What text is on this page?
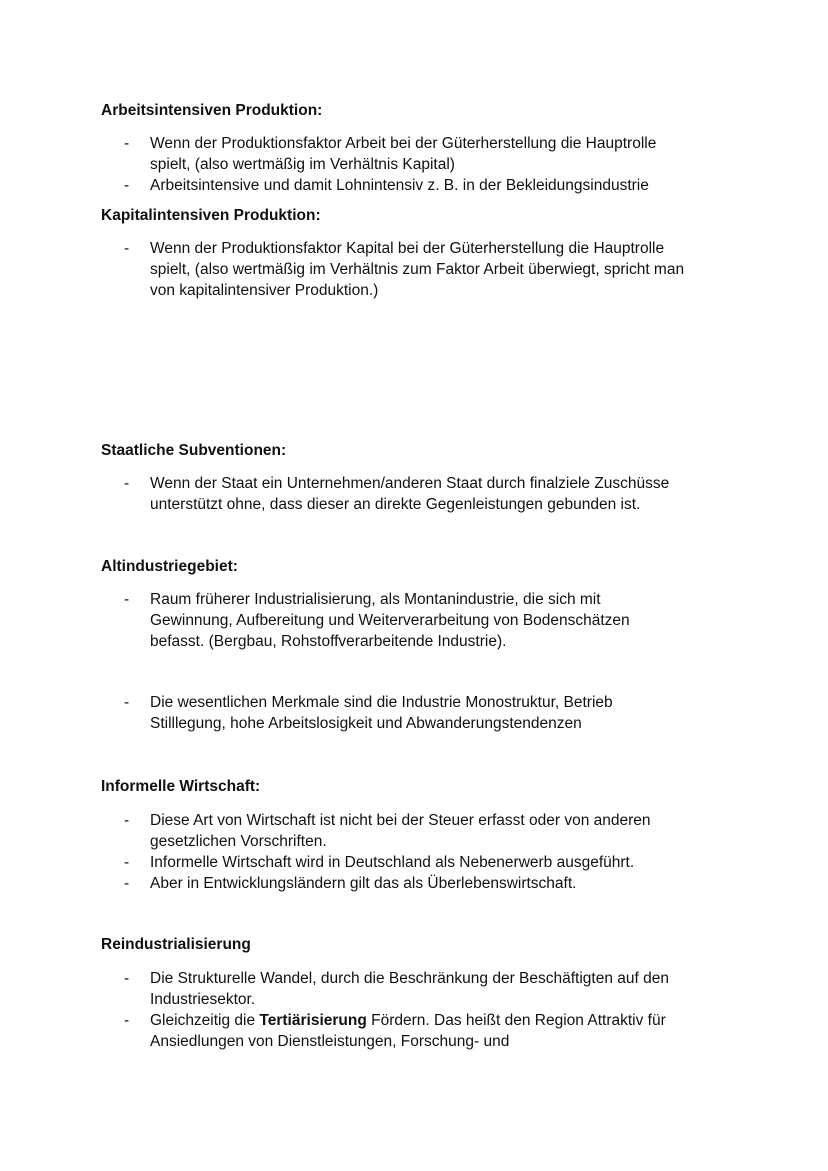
Arbeitsintensiven Produktion:
- Wenn der Produktionsfaktor Arbeit bei der Güterherstellung die Hauptrolle
spielt, (also wertmäßig im Verhältnis Kapital)
- Arbeitsintensive und damit Lohnintensiv z. B. in der Bekleidungsindustrie
Kapitalintensiven Produktion:
- Wenn der Produktionsfaktor Kapital bei der Güterherstellung die Hauptrolle
spielt, (also wertmäßig im Verhältnis zum Faktor Arbeit überwiegt, spricht man
von kapitalintensiver Produktion.)
Staatliche Subventionen:
- Wenn der Staat ein Unternehmen/anderen Staat durch finalziele Zuschüsse
unterstützt ohne, dass dieser an direkte Gegenleistungen gebunden ist.
Altindustriegebiet:
- Raum früherer Industrialisierung, als Montanindustrie, die sich mit
Gewinnung, Aufbereitung und Weiterverarbeitung von Bodenschätzen
befasst. (Bergbau, Rohstoffverarbeitende Industrie).
- Die wesentlichen Merkmale sind die Industrie Monostruktur, Betrieb
Stilllegung, hohe Arbeitslosigkeit und Abwanderungstendenzen
Informelle Wirtschaft:
- Diese Art von Wirtschaft ist nicht bei der Steuer erfasst oder von anderen
gesetzlichen Vorschriften.
- Informelle Wirtschaft wird in Deutschland als Nebenerwerb ausgeführt.
- Aber in Entwicklungsländern gilt das als Überlebenswirtschaft.
Reindustrialisierung
- Die Strukturelle Wandel, durch die Beschränkung der Beschäftigten auf den
Industriesektor.
- Gleichzeitig die Tertiärisierung Fördern. Das heißt den Region Attraktiv für
Ansiedlungen von Dienstleistungen, Forschung- und
